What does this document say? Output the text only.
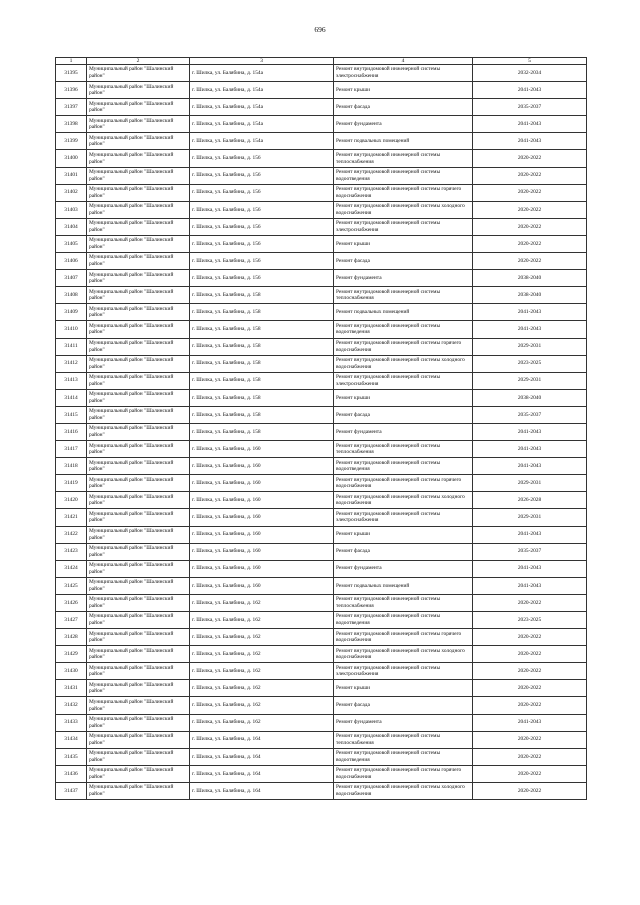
696
1	2	3	4	5
31395	Муниципальный район "Шалинский район"	г. Шилка, ул. Балябина, д. 154а	Ремонт внутридомовой инженерной системы электроснабжения	2032-2034
31396	Муниципальный район "Шалинский район"	г. Шилка, ул. Балябина, д. 154а	Ремонт крыши	2041-2043
31397	Муниципальный район "Шалинский район"	г. Шилка, ул. Балябина, д. 154а	Ремонт фасада	2035-2037
31398	Муниципальный район "Шалинский район"	г. Шилка, ул. Балябина, д. 154а	Ремонт фундамента	2041-2043
31399	Муниципальный район "Шалинский район"	г. Шилка, ул. Балябина, д. 154а	Ремонт подвальных помещений	2041-2043
31400	Муниципальный район "Шалинский район"	г. Шилка, ул. Балябина, д. 156	Ремонт внутридомовой инженерной системы теплоснабжения	2020-2022
31401	Муниципальный район "Шалинский район"	г. Шилка, ул. Балябина, д. 156	Ремонт внутридомовой инженерной системы водоотведения	2020-2022
31402	Муниципальный район "Шалинский район"	г. Шилка, ул. Балябина, д. 156	Ремонт внутридомовой инженерной системы горячего водоснабжения	2020-2022
31403	Муниципальный район "Шалинский район"	г. Шилка, ул. Балябина, д. 156	Ремонт внутридомовой инженерной системы холодного водоснабжения	2020-2022
31404	Муниципальный район "Шалинский район"	г. Шилка, ул. Балябина, д. 156	Ремонт внутридомовой инженерной системы электроснабжения	2020-2022
31405	Муниципальный район "Шалинский район"	г. Шилка, ул. Балябина, д. 156	Ремонт крыши	2020-2022
31406	Муниципальный район "Шалинский район"	г. Шилка, ул. Балябина, д. 156	Ремонт фасада	2020-2022
31407	Муниципальный район "Шалинский район"	г. Шилка, ул. Балябина, д. 156	Ремонт фундамента	2038-2040
31408	Муниципальный район "Шалинский район"	г. Шилка, ул. Балябина, д. 158	Ремонт внутридомовой инженерной системы теплоснабжения	2038-2040
31409	Муниципальный район "Шалинский район"	г. Шилка, ул. Балябина, д. 158	Ремонт подвальных помещений	2041-2043
31410	Муниципальный район "Шалинский район"	г. Шилка, ул. Балябина, д. 158	Ремонт внутридомовой инженерной системы водоотведения	2041-2043
31411	Муниципальный район "Шалинский район"	г. Шилка, ул. Балябина, д. 158	Ремонт внутридомовой инженерной системы горячего водоснабжения	2029-2031
31412	Муниципальный район "Шалинский район"	г. Шилка, ул. Балябина, д. 158	Ремонт внутридомовой инженерной системы холодного водоснабжения	2023-2025
31413	Муниципальный район "Шалинский район"	г. Шилка, ул. Балябина, д. 158	Ремонт внутридомовой инженерной системы электроснабжения	2029-2031
31414	Муниципальный район "Шалинский район"	г. Шилка, ул. Балябина, д. 158	Ремонт крыши	2038-2040
31415	Муниципальный район "Шалинский район"	г. Шилка, ул. Балябина, д. 158	Ремонт фасада	2035-2037
31416	Муниципальный район "Шалинский район"	г. Шилка, ул. Балябина, д. 158	Ремонт фундамента	2041-2043
31417	Муниципальный район "Шалинский район"	г. Шилка, ул. Балябина, д. 160	Ремонт внутридомовой инженерной системы теплоснабжения	2041-2043
31418	Муниципальный район "Шалинский район"	г. Шилка, ул. Балябина, д. 160	Ремонт внутридомовой инженерной системы водоотведения	2041-2043
31419	Муниципальный район "Шалинский район"	г. Шилка, ул. Балябина, д. 160	Ремонт внутридомовой инженерной системы горячего водоснабжения	2029-2031
31420	Муниципальный район "Шалинский район"	г. Шилка, ул. Балябина, д. 160	Ремонт внутридомовой инженерной системы холодного водоснабжения	2026-2028
31421	Муниципальный район "Шалинский район"	г. Шилка, ул. Балябина, д. 160	Ремонт внутридомовой инженерной системы электроснабжения	2029-2031
31422	Муниципальный район "Шалинский район"	г. Шилка, ул. Балябина, д. 160	Ремонт крыши	2041-2043
31423	Муниципальный район "Шалинский район"	г. Шилка, ул. Балябина, д. 160	Ремонт фасада	2035-2037
31424	Муниципальный район "Шалинский район"	г. Шилка, ул. Балябина, д. 160	Ремонт фундамента	2041-2043
31425	Муниципальный район "Шалинский район"	г. Шилка, ул. Балябина, д. 160	Ремонт подвальных помещений	2041-2043
31426	Муниципальный район "Шалинский район"	г. Шилка, ул. Балябина, д. 162	Ремонт внутридомовой инженерной системы теплоснабжения	2020-2022
31427	Муниципальный район "Шалинский район"	г. Шилка, ул. Балябина, д. 162	Ремонт внутридомовой инженерной системы водоотведения	2023-2025
31428	Муниципальный район "Шалинский район"	г. Шилка, ул. Балябина, д. 162	Ремонт внутридомовой инженерной системы горячего водоснабжения	2020-2022
31429	Муниципальный район "Шалинский район"	г. Шилка, ул. Балябина, д. 162	Ремонт внутридомовой инженерной системы холодного водоснабжения	2020-2022
31430	Муниципальный район "Шалинский район"	г. Шилка, ул. Балябина, д. 162	Ремонт внутридомовой инженерной системы электроснабжения	2020-2022
31431	Муниципальный район "Шалинский район"	г. Шилка, ул. Балябина, д. 162	Ремонт крыши	2020-2022
31432	Муниципальный район "Шалинский район"	г. Шилка, ул. Балябина, д. 162	Ремонт фасада	2020-2022
31433	Муниципальный район "Шалинский район"	г. Шилка, ул. Балябина, д. 162	Ремонт фундамента	2041-2043
31434	Муниципальный район "Шалинский район"	г. Шилка, ул. Балябина, д. 164	Ремонт внутридомовой инженерной системы теплоснабжения	2020-2022
31435	Муниципальный район "Шалинский район"	г. Шилка, ул. Балябина, д. 164	Ремонт внутридомовой инженерной системы водоотведения	2020-2022
31436	Муниципальный район "Шалинский район"	г. Шилка, ул. Балябина, д. 164	Ремонт внутридомовой инженерной системы горячего водоснабжения	2020-2022
31437	Муниципальный район "Шалинский район"	г. Шилка, ул. Балябина, д. 164	Ремонт внутридомовой инженерной системы холодного водоснабжения	2020-2022
